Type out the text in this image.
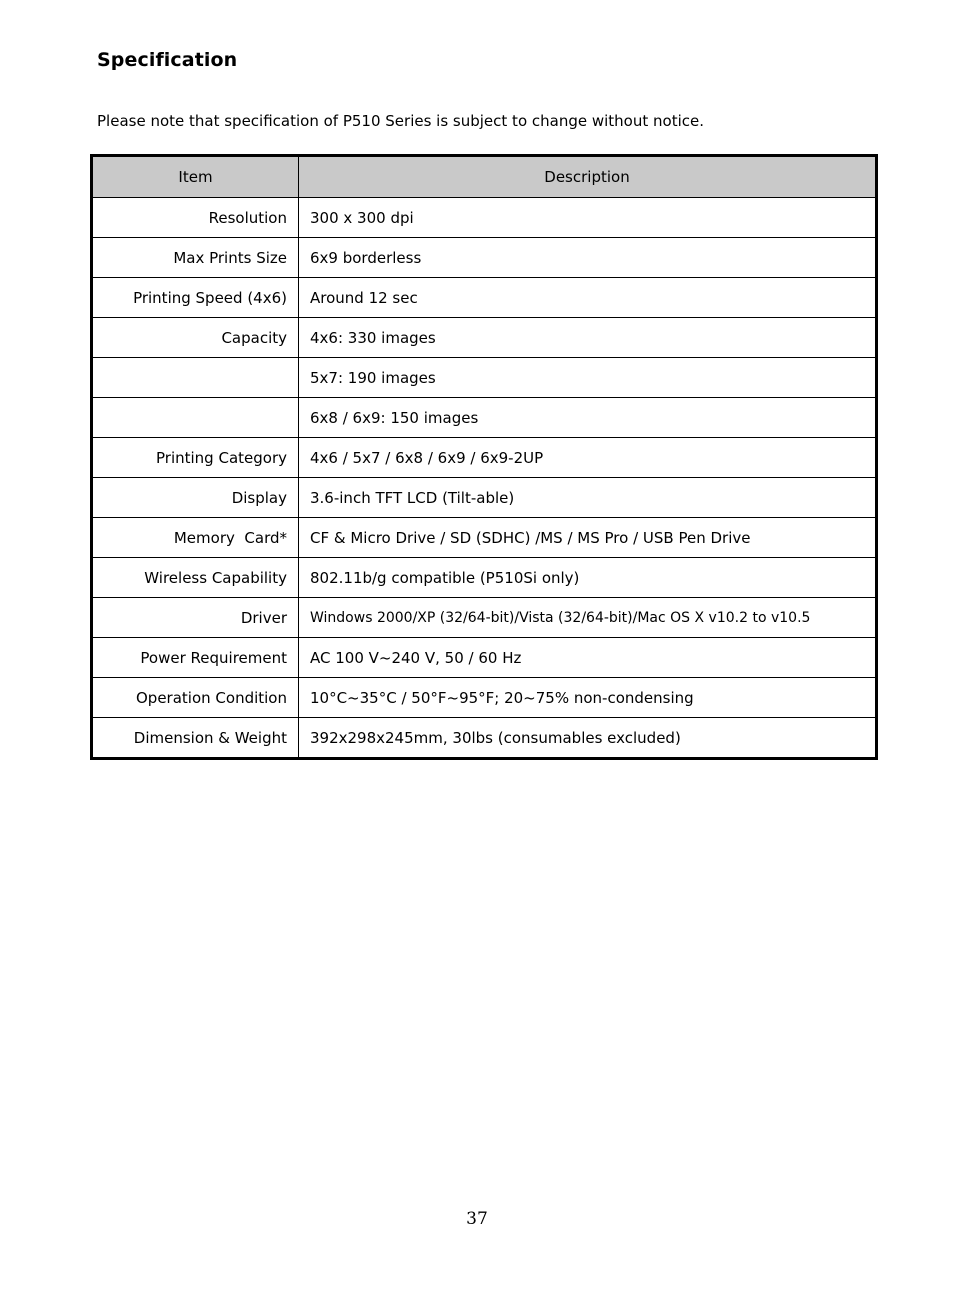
Specification

Please note that specification of P510 Series is subject to change without notice.

Item	Description
Resolution	300 x 300 dpi
Max Prints Size	6x9 borderless
Printing Speed (4x6)	Around 12 sec
Capacity	4x6: 330 images
	5x7: 190 images
	6x8 / 6x9: 150 images
Printing Category	4x6 / 5x7 / 6x8 / 6x9 / 6x9-2UP
Display	3.6-inch TFT LCD (Tilt-able)
Memory  Card*	CF & Micro Drive / SD (SDHC) /MS / MS Pro / USB Pen Drive
Wireless Capability	802.11b/g compatible (P510Si only)
Driver	Windows 2000/XP (32/64-bit)/Vista (32/64-bit)/Mac OS X v10.2 to v10.5
Power Requirement	AC 100 V~240 V, 50 / 60 Hz
Operation Condition	10°C~35°C / 50°F~95°F; 20~75% non-condensing
Dimension & Weight	392x298x245mm, 30lbs (consumables excluded)

37
